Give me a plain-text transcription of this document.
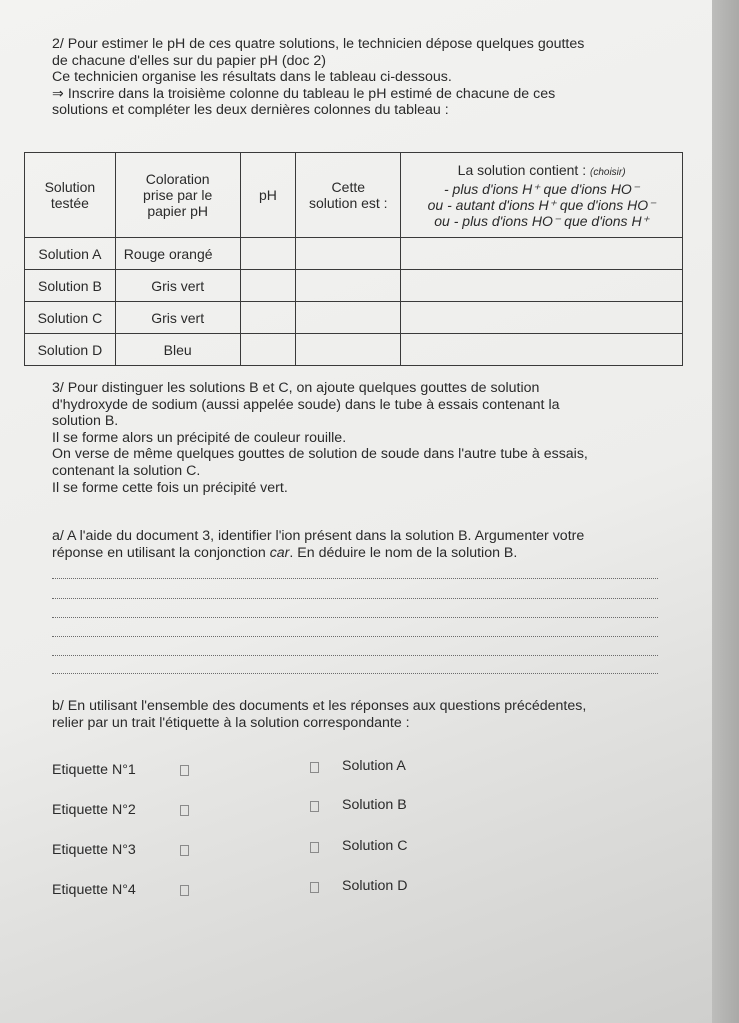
2/ Pour estimer le pH de ces quatre solutions, le technicien dépose quelques gouttes
de chacune d'elles sur du papier pH (doc 2)
Ce technicien organise les résultats dans le tableau ci-dessous.
⇒ Inscrire dans la troisième colonne du tableau le pH estimé de chacune de ces
solutions et compléter les deux dernières colonnes du tableau :
Solution
testée	Coloration
prise par le
papier pH	pH	Cette
solution est :	La solution contient : (choisir)
- plus d'ions H⁺ que d'ions HO⁻
ou - autant d'ions H⁺ que d'ions HO⁻
ou - plus d'ions HO⁻ que d'ions H⁺

Solution A	Rouge orangé			
Solution B	Gris vert			
Solution C	Gris vert			
Solution D	Bleu			
3/ Pour distinguer les solutions B et C, on ajoute quelques gouttes de solution
d'hydroxyde de sodium (aussi appelée soude) dans le tube à essais contenant la
solution B.
Il se forme alors un précipité de couleur rouille.
On verse de même quelques gouttes de solution de soude dans l'autre tube à essais,
contenant la solution C.
Il se forme cette fois un précipité vert.
a/ A l'aide du document 3, identifier l'ion présent dans la solution B. Argumenter votre
réponse en utilisant la conjonction car. En déduire le nom de la solution B.
b/ En utilisant l'ensemble des documents et les réponses aux questions précédentes,
relier par un trait l'étiquette à la solution correspondante :
Etiquette N°1	Solution A
Etiquette N°2	Solution B
Etiquette N°3	Solution C
Etiquette N°4	Solution D
